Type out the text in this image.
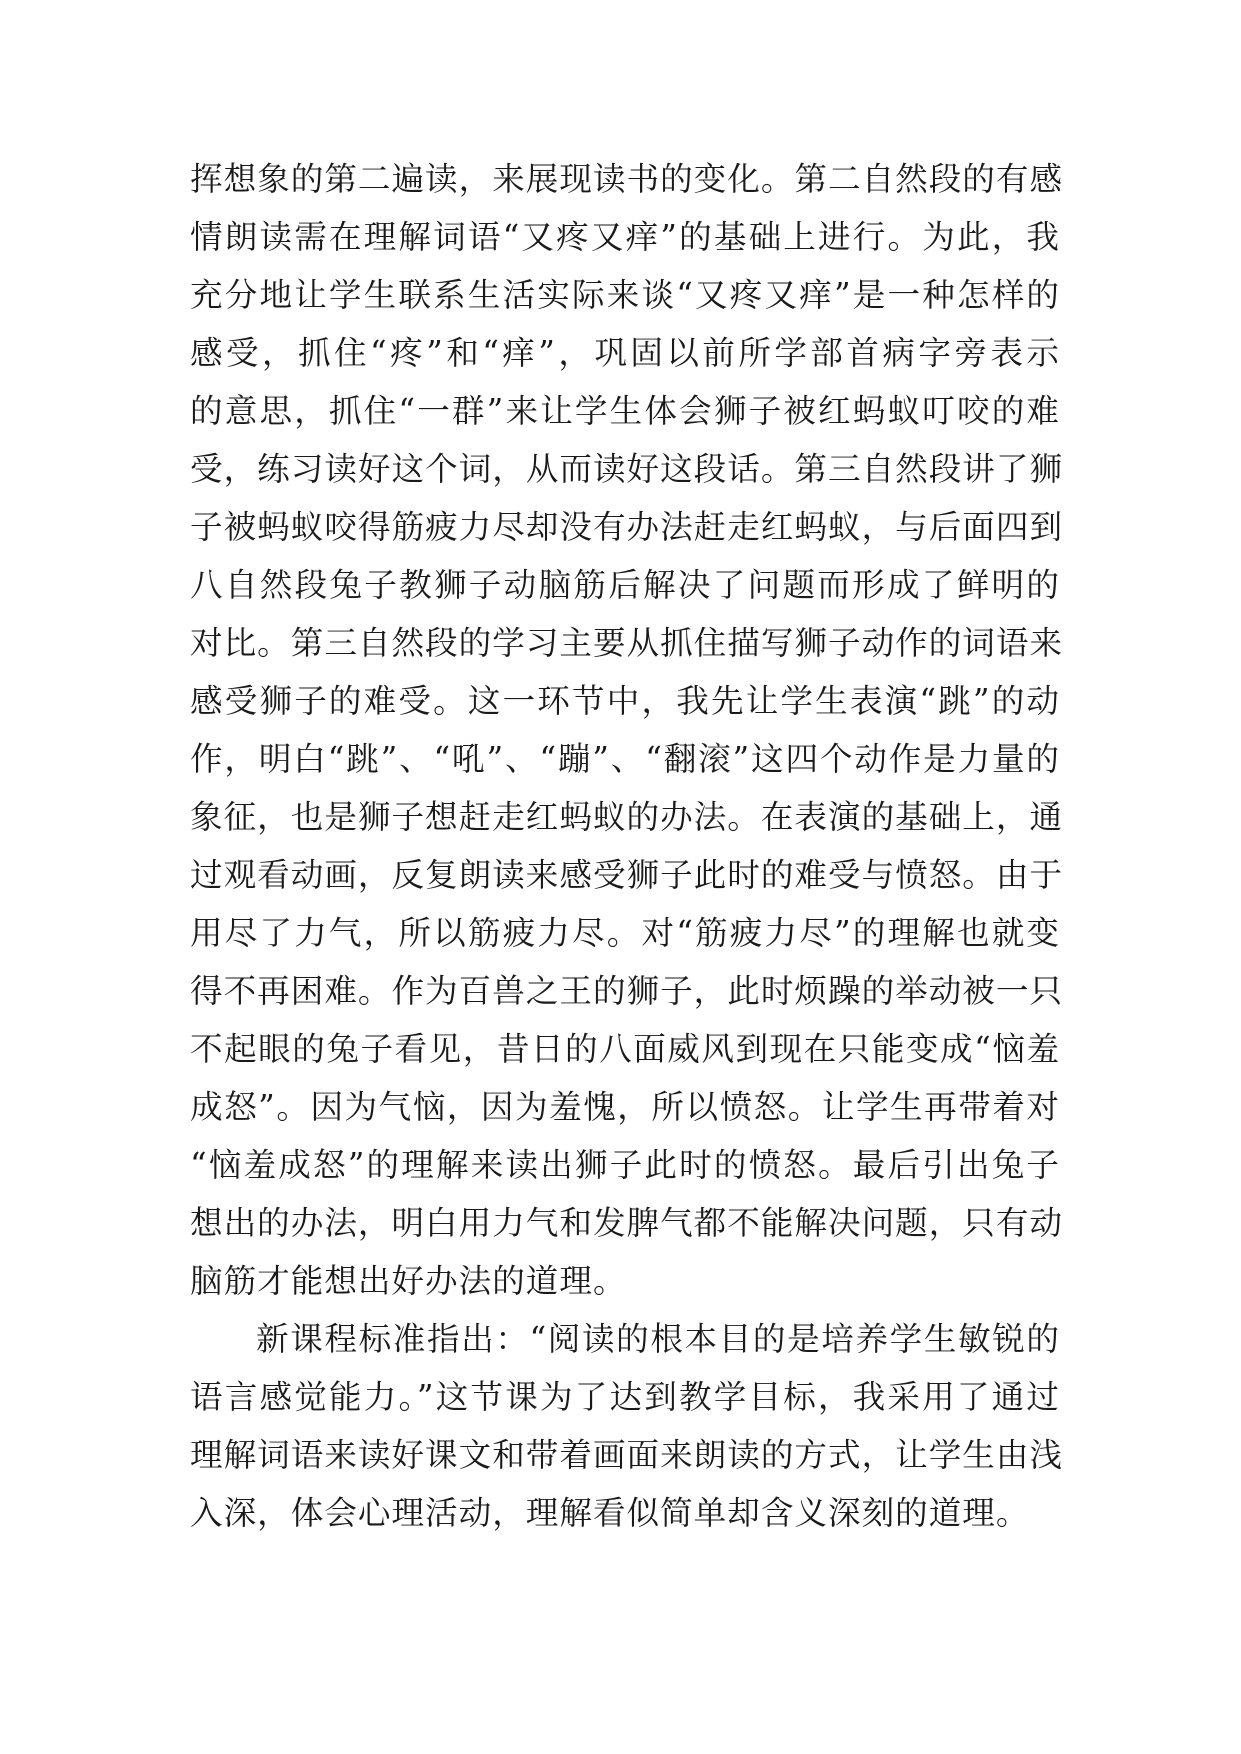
挥想象的第二遍读，来展现读书的变化。第二自然段的有感
情朗读需在理解词语“又疼又痒”的基础上进行。为此，我
充分地让学生联系生活实际来谈“又疼又痒”是一种怎样的
感受，抓住“疼”和“痒”，巩固以前所学部首病字旁表示
的意思，抓住“一群”来让学生体会狮子被红蚂蚁叮咬的难
受，练习读好这个词，从而读好这段话。第三自然段讲了狮
子被蚂蚁咬得筋疲力尽却没有办法赶走红蚂蚁，与后面四到
八自然段兔子教狮子动脑筋后解决了问题而形成了鲜明的
对比。第三自然段的学习主要从抓住描写狮子动作的词语来
感受狮子的难受。这一环节中，我先让学生表演“跳”的动
作，明白“跳”、“吼”、“蹦”、“翻滚”这四个动作是力量的
象征，也是狮子想赶走红蚂蚁的办法。在表演的基础上，通
过观看动画，反复朗读来感受狮子此时的难受与愤怒。由于
用尽了力气，所以筋疲力尽。对“筋疲力尽”的理解也就变
得不再困难。作为百兽之王的狮子，此时烦躁的举动被一只
不起眼的兔子看见，昔日的八面威风到现在只能变成“恼羞
成怒”。因为气恼，因为羞愧，所以愤怒。让学生再带着对
“恼羞成怒”的理解来读出狮子此时的愤怒。最后引出兔子
想出的办法，明白用力气和发脾气都不能解决问题，只有动
脑筋才能想出好办法的道理。
新课程标准指出：“阅读的根本目的是培养学生敏锐的
语言感觉能力。”这节课为了达到教学目标，我采用了通过
理解词语来读好课文和带着画面来朗读的方式，让学生由浅
入深，体会心理活动，理解看似简单却含义深刻的道理。
